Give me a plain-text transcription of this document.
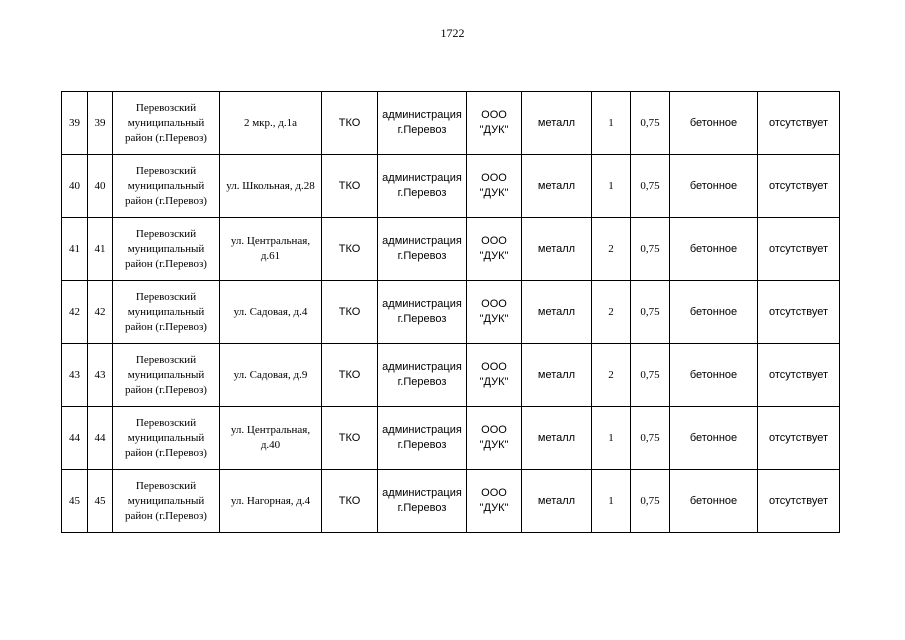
1722
39	39	Перевозский муниципальный район (г.Перевоз)	2 мкр., д.1а	ТКО	администрация г.Перевоз	ООО "ДУК"	металл	1	0,75	бетонное	отсутствует
40	40	Перевозский муниципальный район (г.Перевоз)	ул. Школьная, д.28	ТКО	администрация г.Перевоз	ООО "ДУК"	металл	1	0,75	бетонное	отсутствует
41	41	Перевозский муниципальный район (г.Перевоз)	ул. Центральная, д.61	ТКО	администрация г.Перевоз	ООО "ДУК"	металл	2	0,75	бетонное	отсутствует
42	42	Перевозский муниципальный район (г.Перевоз)	ул. Садовая, д.4	ТКО	администрация г.Перевоз	ООО "ДУК"	металл	2	0,75	бетонное	отсутствует
43	43	Перевозский муниципальный район (г.Перевоз)	ул. Садовая, д.9	ТКО	администрация г.Перевоз	ООО "ДУК"	металл	2	0,75	бетонное	отсутствует
44	44	Перевозский муниципальный район (г.Перевоз)	ул. Центральная, д.40	ТКО	администрация г.Перевоз	ООО "ДУК"	металл	1	0,75	бетонное	отсутствует
45	45	Перевозский муниципальный район (г.Перевоз)	ул. Нагорная, д.4	ТКО	администрация г.Перевоз	ООО "ДУК"	металл	1	0,75	бетонное	отсутствует
